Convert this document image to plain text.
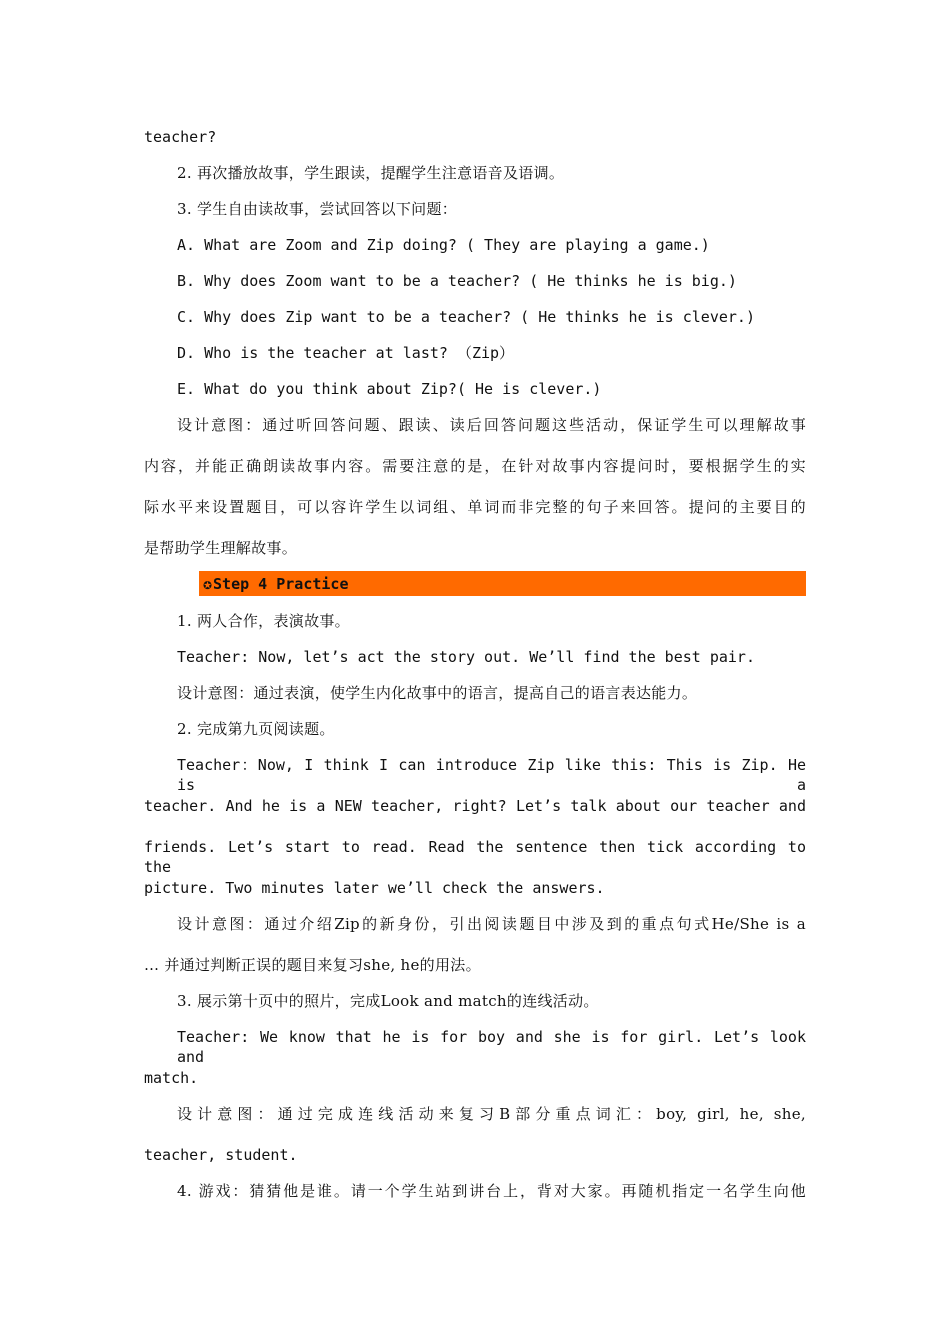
teacher?
2. 再次播放故事，学生跟读，提醒学生注意语音及语调。
3. 学生自由读故事，尝试回答以下问题：
A. What are Zoom and Zip doing? ( They are playing a game.)
B. Why does Zoom want to be a teacher? ( He thinks he is big.)
C. Why does Zip want to be a teacher? ( He thinks he is clever.)
D. Who is the teacher at last? （Zip）
E. What do you think about Zip?( He is clever.)
设计意图：通过听回答问题、跟读、读后回答问题这些活动，保证学生可以理解故事
内容，并能正确朗读故事内容。需要注意的是，在针对故事内容提问时，要根据学生的实
际水平来设置题目，可以容许学生以词组、单词而非完整的句子来回答。提问的主要目的
是帮助学生理解故事。
✪Step 4 Practice
1. 两人合作，表演故事。
Teacher: Now, let’s act the story out. We’ll find the best pair.
设计意图：通过表演，使学生内化故事中的语言，提高自己的语言表达能力。
2. 完成第九页阅读题。
Teacher：Now, I think I can introduce Zip like this: This is Zip. He is a
teacher. And he is a NEW teacher, right? Let’s talk about our teacher and
friends. Let’s start to read. Read the sentence then tick according to the
picture. Two minutes later we’ll check the answers.
设计意图：通过介绍Zip的新身份，引出阅读题目中涉及到的重点句式He/She is a
… 并通过判断正误的题目来复习she, he的用法。
3. 展示第十页中的照片，完成Look and match的连线活动。
Teacher: We know that he is for boy and she is for girl. Let’s look and
match.
设计意图：通过完成连线活动来复习B部分重点词汇：boy, girl, he, she,
teacher, student.
4. 游戏：猜猜他是谁。请一个学生站到讲台上，背对大家。再随机指定一名学生向他
